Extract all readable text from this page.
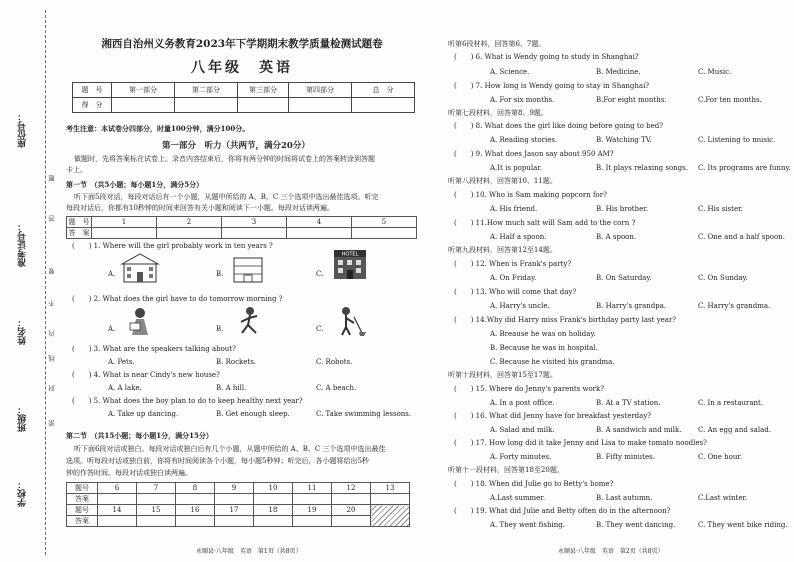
座位号：
准考证号：
姓名：
班级：
学校：
题
答
要
不
内
线
封
密
湘西自治州义务教育2023年下学期期末教学质量检测试题卷
八年级　英语
题　号	第一部分	第二部分	第三部分	第四部分	总　分
得　分					
考生注意：本试卷分四部分，时量100分钟，满分100分。
第一部分　听力（共两节，满分20分）
做题时，先将答案标在试卷上。录音内容结束后，你将有两分钟的时间将试卷上的答案转涂到答题
卡上。
第一节　（共5小题；每小题1分，满分5分）
听下面5段对话，每段对话后有一个小题，从题中所给的 A、B、C 三个选项中选出最佳选项。听完
每段对话后，你都有10秒钟的时间来回答有关小题和阅读下一小题。每段对话读两遍。
题　号	1	2	3	4	5
答　案					
(　　) 1. Where will the girl probably work in ten years ?
A.	B.	C.
HOTEL
(　　) 2. What does the girl have to do tomorrow morning ?
A.	B.	C.
(　　) 3. What are the speakers talking about?
A. Pets.	B. Rockets.	C. Robots.
(　　) 4. What is near Cindy's new house?
A. A lake.	B. A hill.	C. A beach.
(　　) 5. What does the boy plan to do to keep healthy next year?
A. Take up dancing.	B. Get enough sleep.	C. Take swimming lessons.
第二节　（共15小题；每小题1分，满分15分）
听下面6段对话或独白。每段对话或独白后有几个小题，从题中所给的 A、B、C 三个选项中选出最佳
选项。听每段对话或独白前，你将有时间阅读各个小题，每小题5秒钟；听完后，各小题将给出5秒
钟的作答时间。每段对话或独白读两遍。
题号	6	7	8	9	10	11	12	13
答案								
题号	14	15	16	17	18	19	20	
答案								
永顺县·八年级　英语　第1页（共8页）
听第6段材料，回答第6、7题。
(　　) 6. What is Wendy going to study in Shanghai?
A. Science.	B. Medicine.	C. Music.
(　　) 7. How long is Wendy going to stay in Shanghai?
A. For six months.	B.For eight months.	C.For ten months.
听第七段材料，回答第8、9题。
(　　) 8. What does the girl like doing before going to bed?
A. Reading stories.	B. Watching TV.	C. Listening to music.
(　　) 9. What does Jason say about 950 AM?
A.It is popular.	B. It plays relaxing songs. C. Its programs are funny.
听第八段材料，回答第10、11题。
(　　) 10. Who is Sam making popcorn for?
A. His friend.	B. His brother.	C. His sister.
(　　) 11.How much salt will Sam add to the corn ?
A. Half a spoon.	B. A spoon.	C. One and a half spoon.
听第九段材料，回答第12至14题。
(　　) 12. When is Frank's party?
A. On Friday.	B. On Saturday.	C. On Sunday.
(　　) 13. Who will come that day?
A. Harry's uncle.	B. Harry's grandpa.	C. Harry's grandma.
(　　) 14.Why did Harry miss Frank's birthday party last year?
A. Breause he was on holiday.
B. Because he was in hospital.
C. Because he visited his grandma.
听第十段材料，回答第15至17题。
(　　) 15. Where do Jenny's parents work?
A. In a post office.	B. At a TV station.	C. In a restaurant.
(　　) 16. What did Jenny have for breakfast yesterday?
A. Salad and milk.	B. A sandwich and milk. C. An egg and salad.
(　　) 17. How long did it take Jenny and Lisa to make tomato noodles?
A. Forty minutes.	B. Fifty minutes.	C. One hour.
听第十一段材料，回答第18至20题。
(　　) 18. When did Julie go to Betty's home?
A.Last summer.	B. Last autumn.	C.Last winter.
(　　) 19. What did Julie and Betty often do in the afternoon?
A. They went fishing.	B. They went dancing.	C. They went bike riding.
永顺县·八年级　英语　第2页（共8页）
